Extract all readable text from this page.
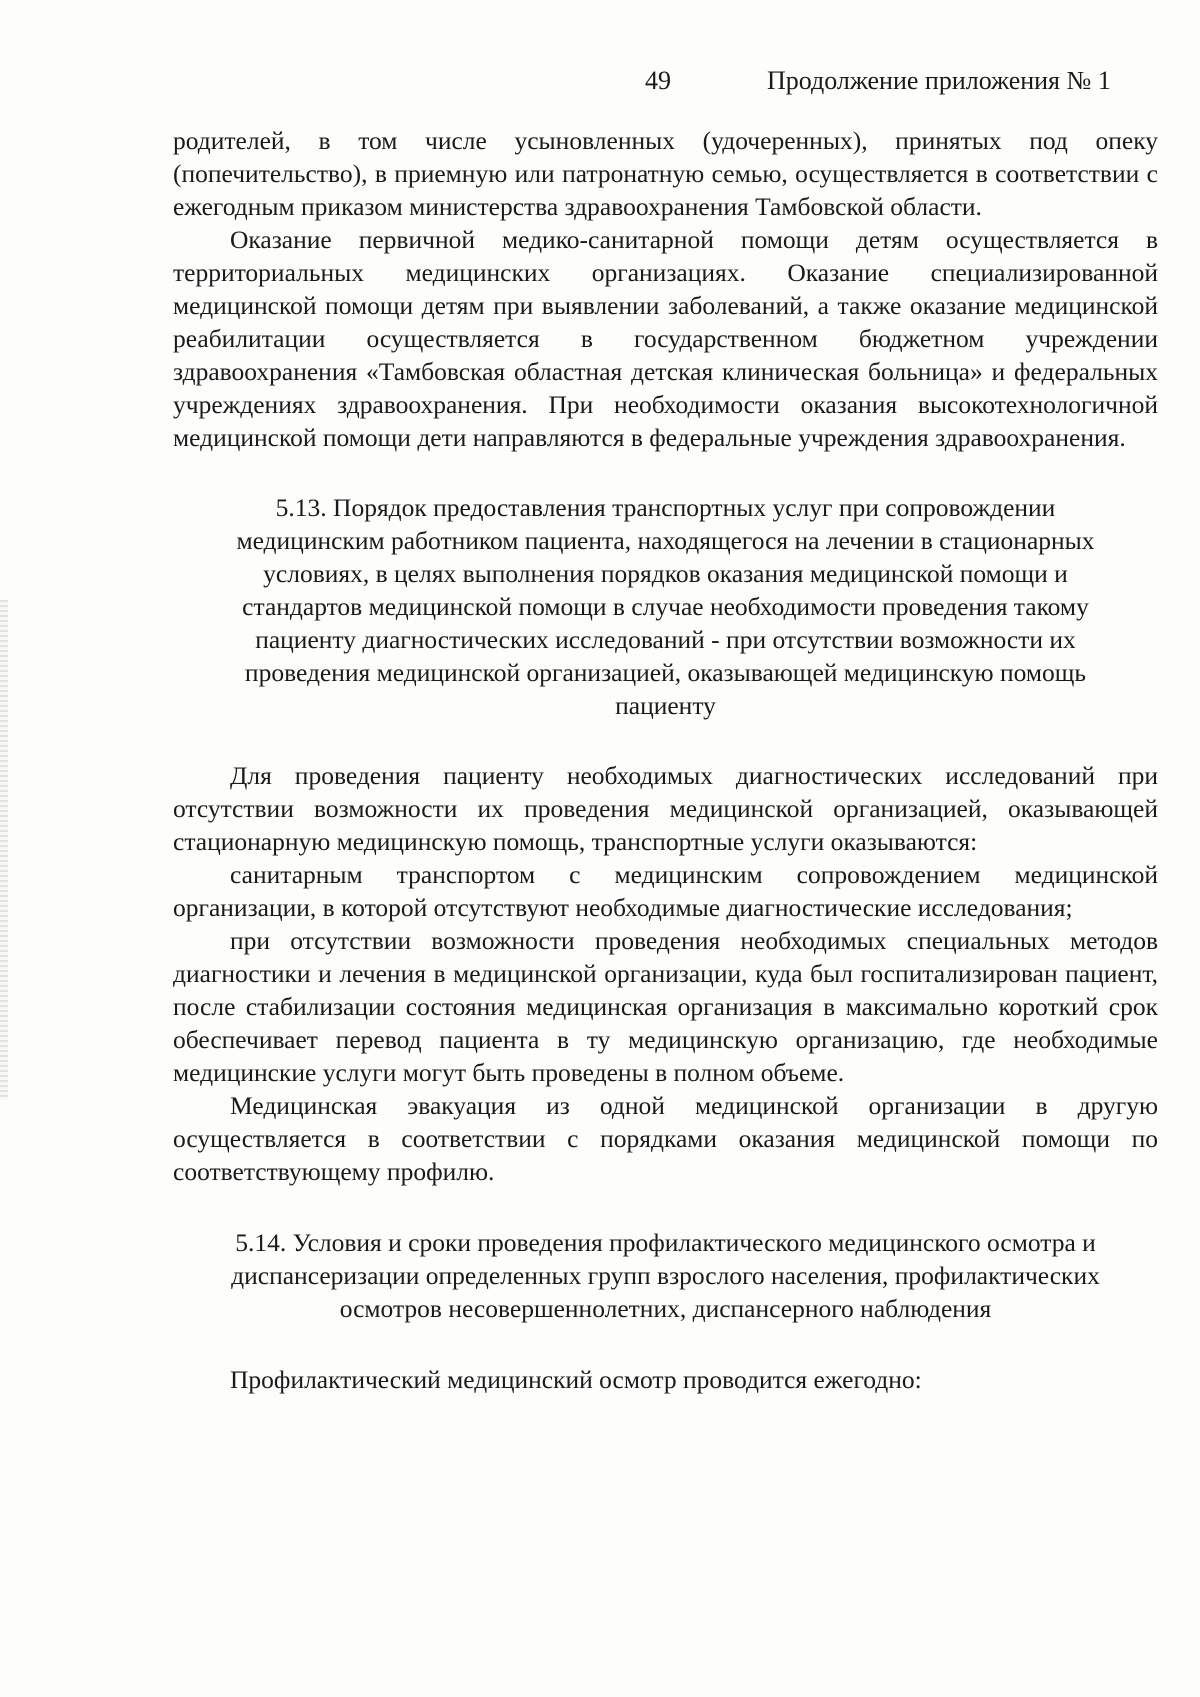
49	Продолжение приложения № 1

родителей, в том числе усыновленных (удочеренных), принятых под опеку (попечительство), в приемную или патронатную семью, осуществляется в соответствии с ежегодным приказом министерства здравоохранения Тамбовской области.

Оказание первичной медико-санитарной помощи детям осуществляется в территориальных медицинских организациях. Оказание специализированной медицинской помощи детям при выявлении заболеваний, а также оказание медицинской реабилитации осуществляется в государственном бюджетном учреждении здравоохранения «Тамбовская областная детская клиническая больница» и федеральных учреждениях здравоохранения. При необходимости оказания высокотехнологичной медицинской помощи дети направляются в федеральные учреждения здравоохранения.

5.13. Порядок предоставления транспортных услуг при сопровождении медицинским работником пациента, находящегося на лечении в стационарных условиях, в целях выполнения порядков оказания медицинской помощи и стандартов медицинской помощи в случае необходимости проведения такому пациенту диагностических исследований - при отсутствии возможности их проведения медицинской организацией, оказывающей медицинскую помощь пациенту

Для проведения пациенту необходимых диагностических исследований при отсутствии возможности их проведения медицинской организацией, оказывающей стационарную медицинскую помощь, транспортные услуги оказываются:

санитарным транспортом с медицинским сопровождением медицинской организации, в которой отсутствуют необходимые диагностические исследования;

при отсутствии возможности проведения необходимых специальных методов диагностики и лечения в медицинской организации, куда был госпитализирован пациент, после стабилизации состояния медицинская организация в максимально короткий срок обеспечивает перевод пациента в ту медицинскую организацию, где необходимые медицинские услуги могут быть проведены в полном объеме.

Медицинская эвакуация из одной медицинской организации в другую осуществляется в соответствии с порядками оказания медицинской помощи по соответствующему профилю.

5.14. Условия и сроки проведения профилактического медицинского осмотра и диспансеризации определенных групп взрослого населения, профилактических осмотров несовершеннолетних, диспансерного наблюдения

Профилактический медицинский осмотр проводится ежегодно:
